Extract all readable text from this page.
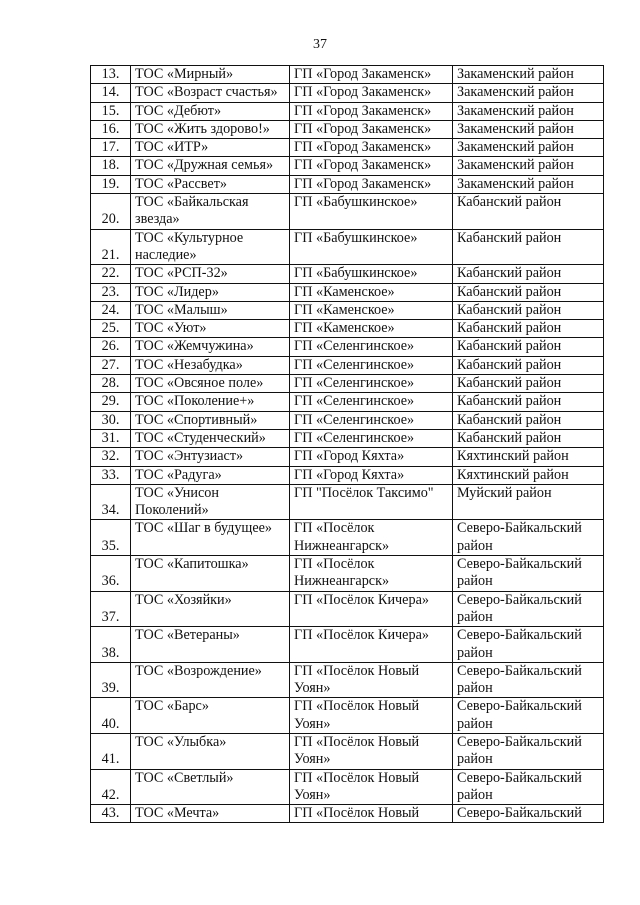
37
13.	ТОС «Мирный»	ГП «Город Закаменск»	Закаменский район
14.	ТОС «Возраст счастья»	ГП «Город Закаменск»	Закаменский район
15.	ТОС «Дебют»	ГП «Город Закаменск»	Закаменский район
16.	ТОС «Жить здорово!»	ГП «Город Закаменск»	Закаменский район
17.	ТОС «ИТР»	ГП «Город Закаменск»	Закаменский район
18.	ТОС «Дружная семья»	ГП «Город Закаменск»	Закаменский район
19.	ТОС «Рассвет»	ГП «Город Закаменск»	Закаменский район
20.	ТОС «Байкальская звезда»	ГП «Бабушкинское»	Кабанский район
21.	ТОС «Культурное наследие»	ГП «Бабушкинское»	Кабанский район
22.	ТОС «РСП-32»	ГП «Бабушкинское»	Кабанский район
23.	ТОС «Лидер»	ГП «Каменское»	Кабанский район
24.	ТОС «Малыш»	ГП «Каменское»	Кабанский район
25.	ТОС «Уют»	ГП «Каменское»	Кабанский район
26.	ТОС «Жемчужина»	ГП «Селенгинское»	Кабанский район
27.	ТОС «Незабудка»	ГП «Селенгинское»	Кабанский район
28.	ТОС «Овсяное поле»	ГП «Селенгинское»	Кабанский район
29.	ТОС «Поколение+»	ГП «Селенгинское»	Кабанский район
30.	ТОС «Спортивный»	ГП «Селенгинское»	Кабанский район
31.	ТОС «Студенческий»	ГП «Селенгинское»	Кабанский район
32.	ТОС «Энтузиаст»	ГП «Город Кяхта»	Кяхтинский район
33.	ТОС «Радуга»	ГП «Город Кяхта»	Кяхтинский район
34.	ТОС «Унисон Поколений»	ГП "Посёлок Таксимо"	Муйский район
35.	ТОС «Шаг в будущее»	ГП «Посёлок Нижнеангарск»	Северо-Байкальский район
36.	ТОС «Капитошка»	ГП «Посёлок Нижнеангарск»	Северо-Байкальский район
37.	ТОС «Хозяйки»	ГП «Посёлок Кичера»	Северо-Байкальский район
38.	ТОС «Ветераны»	ГП «Посёлок Кичера»	Северо-Байкальский район
39.	ТОС «Возрождение»	ГП «Посёлок Новый Уоян»	Северо-Байкальский район
40.	ТОС «Барс»	ГП «Посёлок Новый Уоян»	Северо-Байкальский район
41.	ТОС «Улыбка»	ГП «Посёлок Новый Уоян»	Северо-Байкальский район
42.	ТОС «Светлый»	ГП «Посёлок Новый Уоян»	Северо-Байкальский район
43.	ТОС «Мечта»	ГП «Посёлок Новый	Северо-Байкальский
